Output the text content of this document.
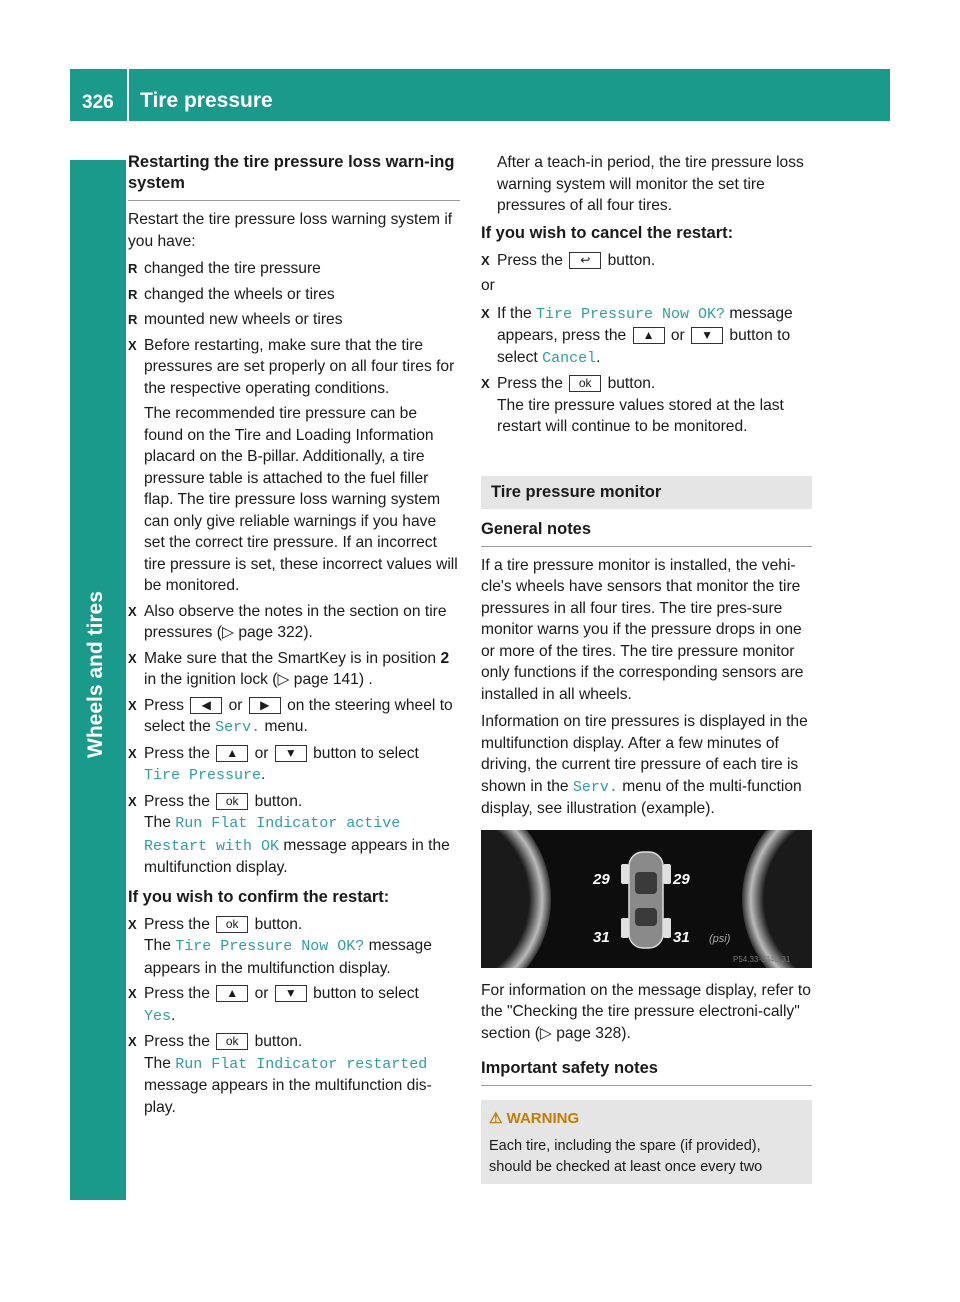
326 Tire pressure
Wheels and tires
Restarting the tire pressure loss warn-ing system

Restart the tire pressure loss warning system if you have:

R changed the tire pressure
R changed the wheels or tires
R mounted new wheels or tires
X Before restarting, make sure that the tire pressures are set properly on all four tires for the respective operating conditions.
The recommended tire pressure can be found on the Tire and Loading Information placard on the B-pillar. Additionally, a tire pressure table is attached to the fuel filler flap. The tire pressure loss warning system can only give reliable warnings if you have set the correct tire pressure. If an incorrect tire pressure is set, these incorrect values will be monitored.
X Also observe the notes in the section on tire pressures (▷ page 322).
X Make sure that the SmartKey is in position 2 in the ignition lock (▷ page 141) .
X Press ◀ or ▶ on the steering wheel to select the Serv. menu.
X Press the ▲ or ▼ button to select
Tire Pressure.
X Press the ok button.
The Run Flat Indicator active Restart with OK message appears in the multifunction display.
If you wish to confirm the restart:
X Press the ok button.
The Tire Pressure Now OK? message appears in the multifunction display.
X Press the ▲ or ▼ button to select
Yes.
X Press the ok button.
The Run Flat Indicator restarted message appears in the multifunction dis-play.

After a teach-in period, the tire pressure loss warning system will monitor the set tire pressures of all four tires.

If you wish to cancel the restart:
X Press the ↩ button.

or

X If the Tire Pressure Now OK? message appears, press the ▲ or ▼ button to select Cancel.
X Press the ok button.
The tire pressure values stored at the last restart will continue to be monitored.
Tire pressure monitor
General notes

If a tire pressure monitor is installed, the vehi-cle's wheels have sensors that monitor the tire pressures in all four tires. The tire pres-sure monitor warns you if the pressure drops in one or more of the tires. The tire pressure monitor only functions if the corresponding sensors are installed in all wheels.

Information on tire pressures is displayed in the multifunction display. After a few minutes of driving, the current tire pressure of each tire is shown in the Serv. menu of the multi-function display, see illustration (example).

29	29
31	31 (psi)
P54.33-3340-31

For information on the message display, refer to the "Checking the tire pressure electroni-cally" section (▷ page 328).

Important safety notes
⚠ WARNING
Each tire, including the spare (if provided), should be checked at least once every two
